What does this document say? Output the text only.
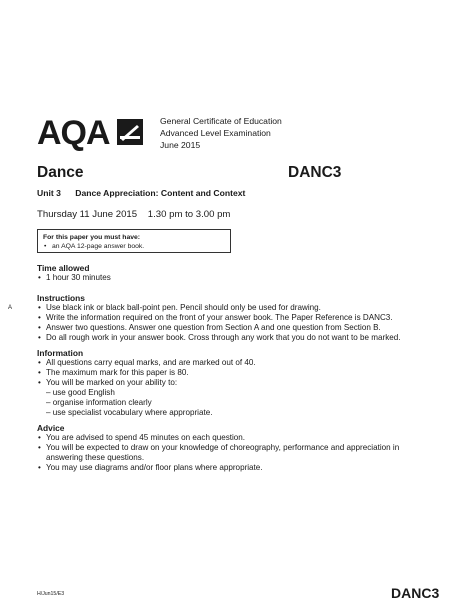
AQA	General Certificate of Education
Advanced Level Examination
June 2015
Dance	DANC3
Unit 3 Dance Appreciation: Content and Context
Thursday 11 June 2015 1.30 pm to 3.00 pm
For this paper you must have:
• an AQA 12-page answer book.
A
Time allowed
• 1 hour 30 minutes
Instructions
• Use black ink or black ball-point pen. Pencil should only be used for drawing.
• Write the information required on the front of your answer book. The Paper Reference is DANC3.
• Answer two questions. Answer one question from Section A and one question from Section B.
• Do all rough work in your answer book. Cross through any work that you do not want to be marked.
Information
• All questions carry equal marks, and are marked out of 40.
• The maximum mark for this paper is 80.
• You will be marked on your ability to:
– use good English
– organise information clearly
– use specialist vocabulary where appropriate.
Advice
• You are advised to spend 45 minutes on each question.
• You will be expected to draw on your knowledge of choreography, performance and appreciation in
answering these questions.
• You may use diagrams and/or floor plans where appropriate.
H/Jun15/E3	DANC3
